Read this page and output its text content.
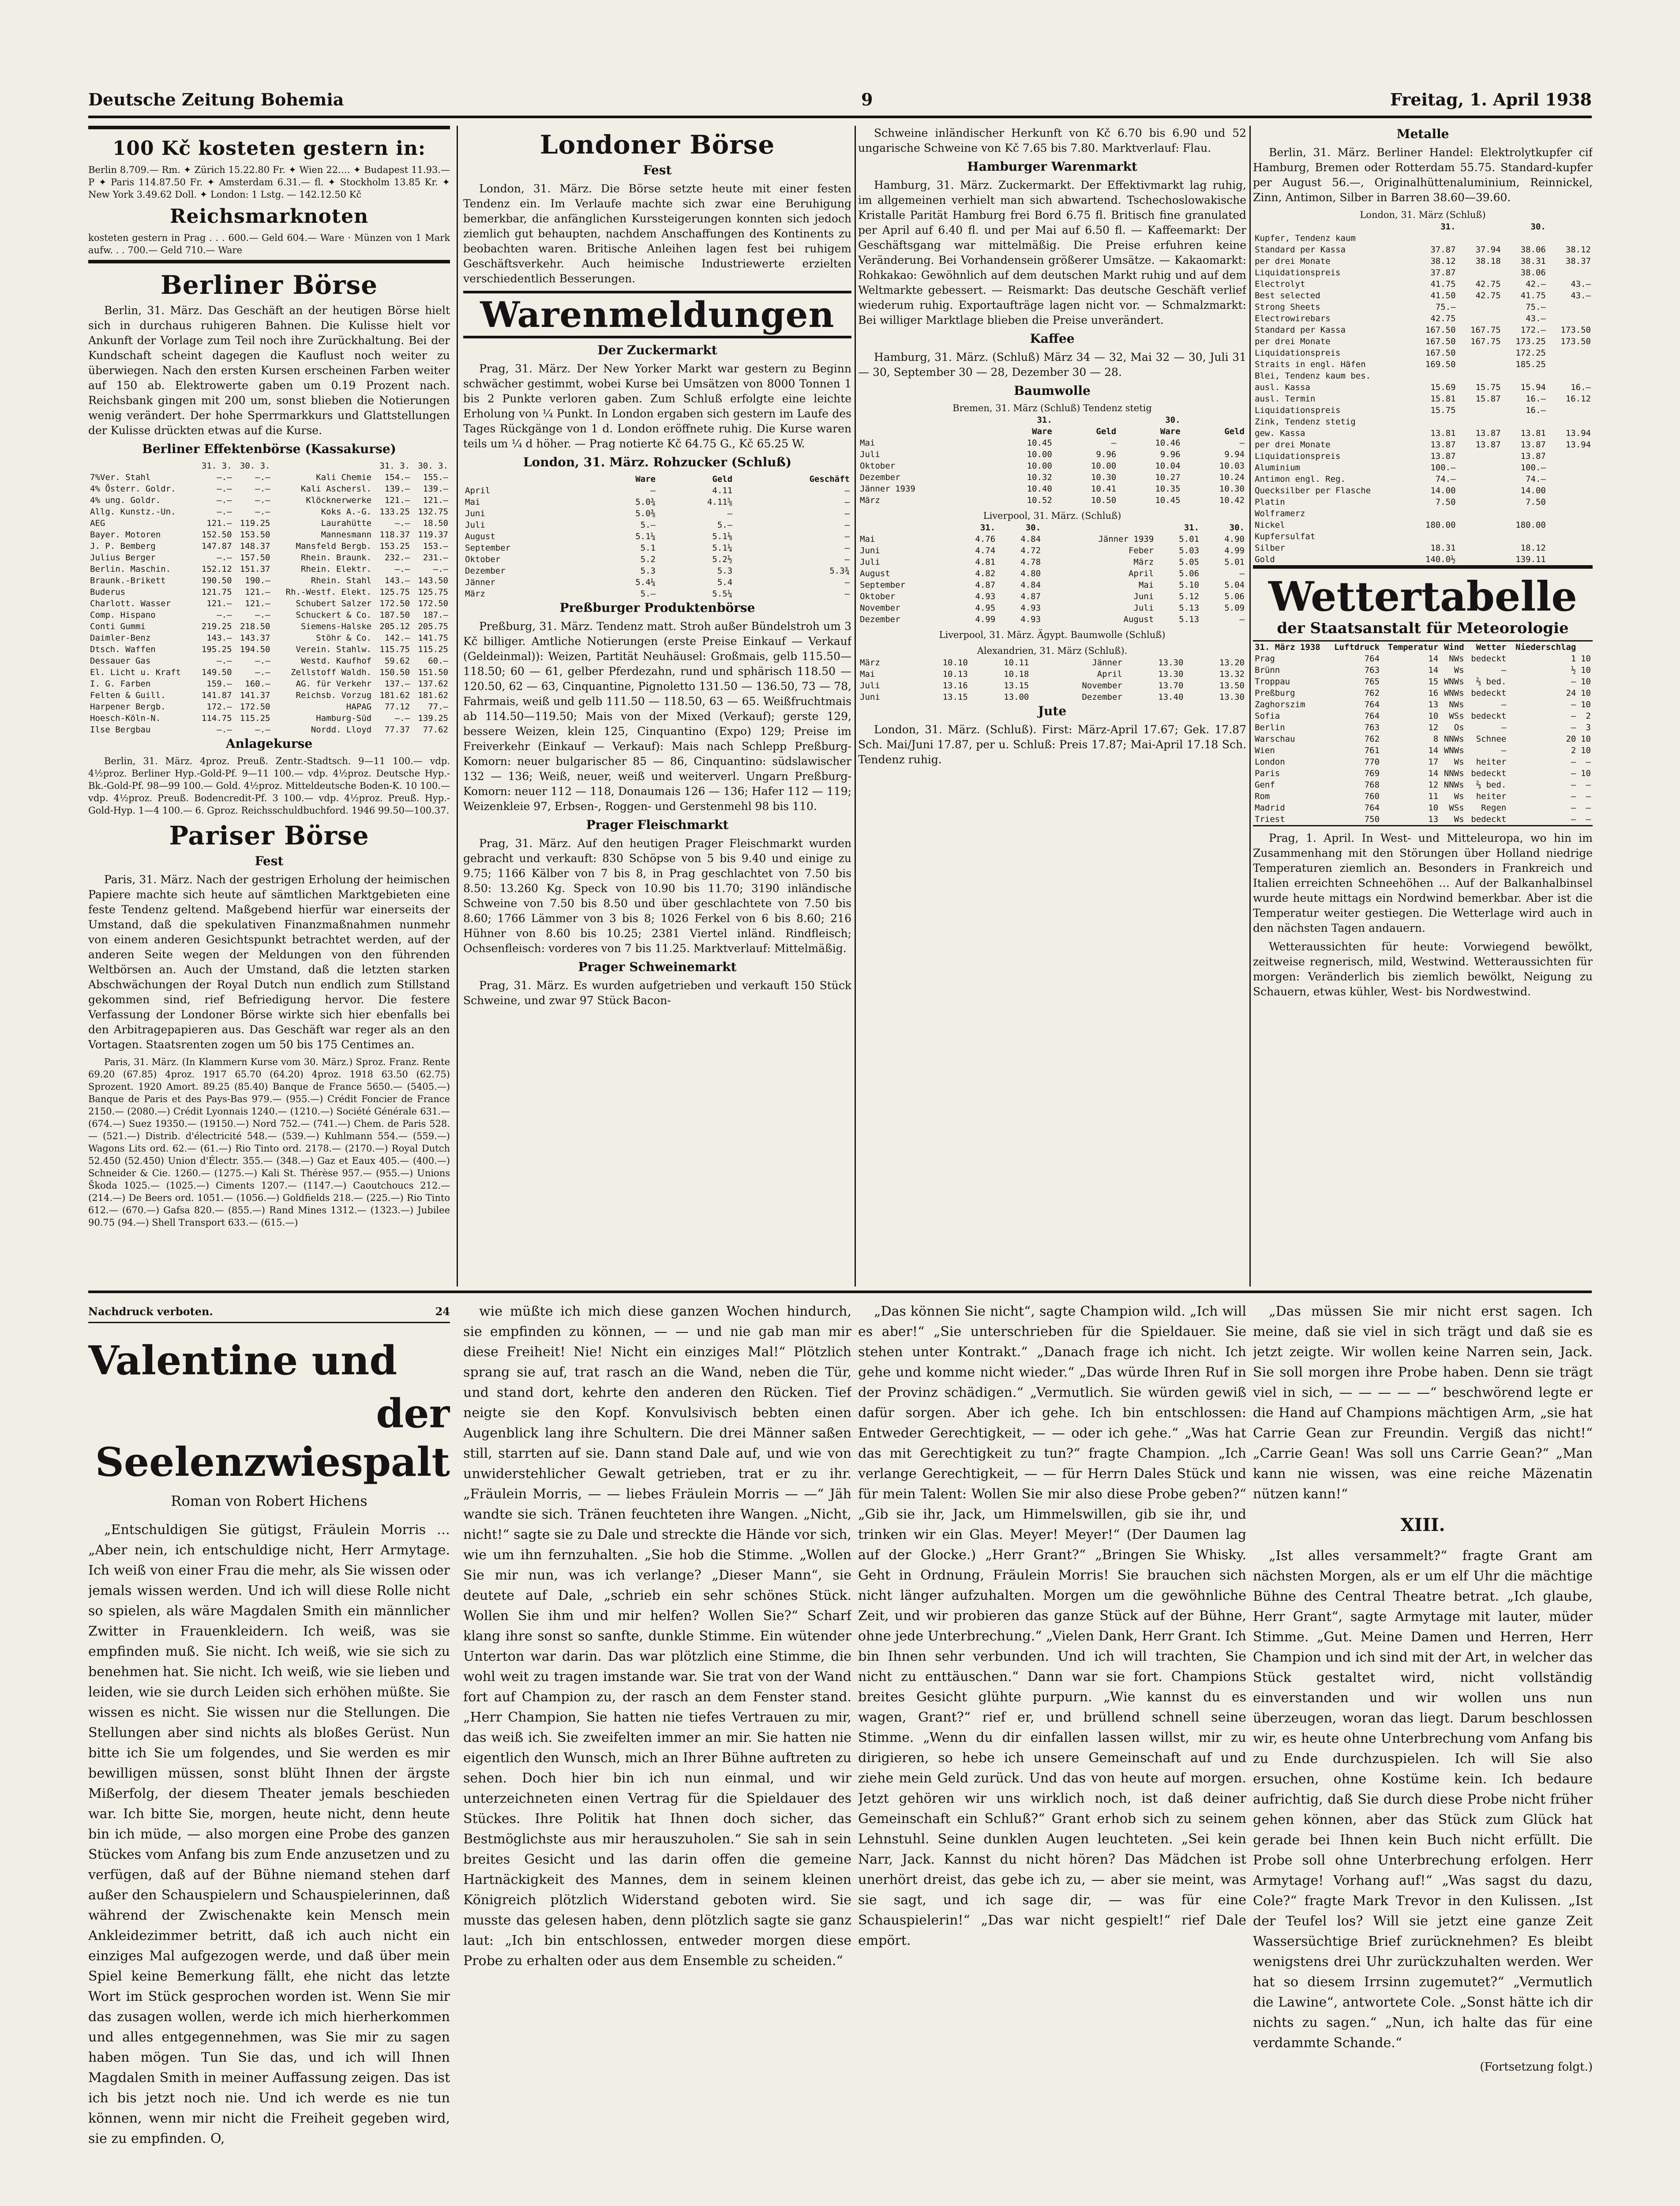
Deutsche Zeitung Bohemia	9	Freitag, 1. April 1938
100 Kč kosteten gestern in:
Berlin 8.709.— Rm. ✦ Zürich 15.22.80 Fr. ✦ Wien 22.… ✦ Budapest 11.93.— P ✦ Paris 114.87.50 Fr. ✦ Amsterdam 6.31.— fl. ✦ Stockholm 13.85 Kr. ✦ New York 3.49.62 Doll. ✦ London: 1 Lstg. — 142.12.50 Kč
Reichsmarknoten
kosteten gestern in Prag . . . 600.— Geld 604.— Ware · Münzen von 1 Mark aufw. . . 700.— Geld 710.— Ware
Berliner Börse

Berlin, 31. März. Das Geschäft an der heutigen Börse hielt sich in durchaus ruhigeren Bahnen. Die Kulisse hielt vor Ankunft der Vorlage zum Teil noch ihre Zurückhaltung. Bei der Kundschaft scheint dagegen die Kauflust noch weiter zu überwiegen. Nach den ersten Kursen erscheinen Farben weiter auf 150 ab. Elektrowerte gaben um 0.19 Prozent nach. Reichsbank gingen mit 200 um, sonst blieben die Notierungen wenig verändert. Der hohe Sperrmarkkurs und Glattstellungen der Kulisse drückten etwas auf die Kurse.

Berliner Effektenbörse (Kassakurse)
	31. 3.	30. 3.		31. 3.	30. 3.
7%Ver. Stahl	—.—	—.—	Kali Chemie	154.—	155.—
4% Österr. Goldr.	—.—	—.—	Kali Aschersl.	139.—	139.—
4% ung. Goldr.	—.—	—.—	Klöcknerwerke	121.—	121.—
Allg. Kunstz.-Un.	—.—	—.—	Koks A.-G.	133.25	132.75
AEG	121.—	119.25	Laurahütte	—.—	18.50
Bayer. Motoren	152.50	153.50	Mannesmann	118.37	119.37
J. P. Bemberg	147.87	148.37	Mansfeld Bergb.	153.25	153.—
Julius Berger	—.—	157.50	Rhein. Braunk.	232.—	231.—
Berlin. Maschin.	152.12	151.37	Rhein. Elektr.	—.—	—.—
Braunk.-Brikett	190.50	190.—	Rhein. Stahl	143.—	143.50
Buderus	121.75	121.—	Rh.-Westf. Elekt.	125.75	125.75
Charlott. Wasser	121.—	121.—	Schubert Salzer	172.50	172.50
Comp. Hispano	—.—	—.—	Schuckert & Co.	187.50	187.—
Conti Gummi	219.25	218.50	Siemens-Halske	205.12	205.75
Daimler-Benz	143.—	143.37	Stöhr & Co.	142.—	141.75
Dtsch. Waffen	195.25	194.50	Verein. Stahlw.	115.75	115.25
Dessauer Gas	—.—	—.—	Westd. Kaufhof	59.62	60.—
El. Licht u. Kraft	149.50	—.—	Zellstoff Waldh.	150.50	151.50
I. G. Farben	159.—	160.—	AG. für Verkehr	137.—	137.62
Felten & Guill.	141.87	141.37	Reichsb. Vorzug	181.62	181.62
Harpener Bergb.	172.—	172.50	HAPAG	77.12	77.—
Hoesch-Köln-N.	114.75	115.25	Hamburg-Süd	—.—	139.25
Ilse Bergbau	—.—	—.—	Nordd. Lloyd	77.37	77.62
Anlagekurse

Berlin, 31. März. 4proz. Preuß. Zentr.-Stadtsch. 9—11 100.— vdp. 4½proz. Berliner Hyp.-Gold-Pf. 9—11 100.— vdp. 4½proz. Deutsche Hyp.-Bk.-Gold-Pf. 98—99 100.— Gold. 4½proz. Mitteldeutsche Boden-K. 10 100.— vdp. 4½proz. Preuß. Bodencredit-Pf. 3 100.— vdp. 4½proz. Preuß. Hyp.-Gold-Hyp. 1—4 100.— 6. Gproz. Reichsschuldbuchford. 1946 99.50—100.37.

Pariser Börse
Fest

Paris, 31. März. Nach der gestrigen Erholung der heimischen Papiere machte sich heute auf sämtlichen Marktgebieten eine feste Tendenz geltend. Maßgebend hierfür war einerseits der Umstand, daß die spekulativen Finanzmaßnahmen nunmehr von einem anderen Gesichtspunkt betrachtet werden, auf der anderen Seite wegen der Meldungen von den führenden Weltbörsen an. Auch der Umstand, daß die letzten starken Abschwächungen der Royal Dutch nun endlich zum Stillstand gekommen sind, rief Befriedigung hervor. Die festere Verfassung der Londoner Börse wirkte sich hier ebenfalls bei den Arbitragepapieren aus. Das Geschäft war reger als an den Vortagen. Staatsrenten zogen um 50 bis 175 Centimes an.

Paris, 31. März. (In Klammern Kurse vom 30. März.) Sproz. Franz. Rente 69.20 (67.85) 4proz. 1917 65.70 (64.20) 4proz. 1918 63.50 (62.75) Sprozent. 1920 Amort. 89.25 (85.40) Banque de France 5650.— (5405.—) Banque de Paris et des Pays-Bas 979.— (955.—) Crédit Foncier de France 2150.— (2080.—) Crédit Lyonnais 1240.— (1210.—) Société Générale 631.— (674.—) Suez 19350.— (19150.—) Nord 752.— (741.—) Chem. de Paris 528.— (521.—) Distrib. d'électricité 548.— (539.—) Kuhlmann 554.— (559.—) Wagons Lits ord. 62.— (61.—) Rio Tinto ord. 2178.— (2170.—) Royal Dutch 52.450 (52.450) Union d'Électr. 355.— (348.—) Gaz et Eaux 405.— (400.—) Schneider & Cie. 1260.— (1275.—) Kali St. Thérèse 957.— (955.—) Unions Škoda 1025.— (1025.—) Ciments 1207.— (1147.—) Caoutchoucs 212.— (214.—) De Beers ord. 1051.— (1056.—) Goldfields 218.— (225.—) Rio Tinto 612.— (670.—) Gafsa 820.— (855.—) Rand Mines 1312.— (1323.—) Jubilee 90.75 (94.—) Shell Transport 633.— (615.—)

Londoner Börse
Fest

London, 31. März. Die Börse setzte heute mit einer festen Tendenz ein. Im Verlaufe machte sich zwar eine Beruhigung bemerkbar, die anfänglichen Kurssteigerungen konnten sich jedoch ziemlich gut behaupten, nachdem Anschaffungen des Kontinents zu beobachten waren. Britische Anleihen lagen fest bei ruhigem Geschäftsverkehr. Auch heimische Industriewerte erzielten verschiedentlich Besserungen.

Warenmeldungen
Der Zuckermarkt

Prag, 31. März. Der New Yorker Markt war gestern zu Beginn schwächer gestimmt, wobei Kurse bei Umsätzen von 8000 Tonnen 1 bis 2 Punkte verloren gaben. Zum Schluß erfolgte eine leichte Erholung von ¼ Punkt. In London ergaben sich gestern im Laufe des Tages Rückgänge von 1 d. London eröffnete ruhig. Die Kurse waren teils um ¼ d höher. — Prag notierte Kč 64.75 G., Kč 65.25 W.

London, 31. März. Rohzucker (Schluß)
	Ware	Geld	Geschäft
April	—	4.11	—
Mai	5.0¾	4.11⅝	—
Juni	5.0⅜	—	—
Juli	5.—	5.—	—
August	5.1¼	5.1⅛	—
September	5.1	5.1¼	—
Oktober	5.2	5.2½	—
Dezember	5.3	5.3	5.3¾
Jänner	5.4¼	5.4	—
März	5.—	5.5¼	—
Preßburger Produktenbörse

Preßburg, 31. März. Tendenz matt. Stroh außer Bündelstroh um 3 Kč billiger. Amtliche Notierungen (erste Preise Einkauf — Verkauf (Geldeinmal)): Weizen, Partität Neuhäusel: Großmais, gelb 115.50—118.50; 60 — 61, gelber Pferdezahn, rund und sphärisch 118.50 — 120.50, 62 — 63, Cinquantine, Pignoletto 131.50 — 136.50, 73 — 78, Fahrmais, weiß und gelb 111.50 — 118.50, 63 — 65. Weißfruchtmais ab 114.50—119.50; Mais von der Mixed (Verkauf); gerste 129, bessere Weizen, klein 125, Cinquantino (Expo) 129; Preise im Freiverkehr (Einkauf — Verkauf): Mais nach Schlepp Preßburg-Komorn: neuer bulgarischer 85 — 86, Cinquantino: südslawischer 132 — 136; Weiß, neuer, weiß und weiterverl. Ungarn Preßburg-Komorn: neuer 112 — 118, Donaumais 126 — 136; Hafer 112 — 119; Weizenkleie 97, Erbsen-, Roggen- und Gerstenmehl 98 bis 110.

Prager Fleischmarkt

Prag, 31. März. Auf den heutigen Prager Fleischmarkt wurden gebracht und verkauft: 830 Schöpse von 5 bis 9.40 und einige zu 9.75; 1166 Kälber von 7 bis 8, in Prag geschlachtet von 7.50 bis 8.50: 13.260 Kg. Speck von 10.90 bis 11.70; 3190 inländische Schweine von 7.50 bis 8.50 und über geschlachtete von 7.50 bis 8.60; 1766 Lämmer von 3 bis 8; 1026 Ferkel von 6 bis 8.60; 216 Hühner von 8.60 bis 10.25; 2381 Viertel inländ. Rindfleisch; Ochsenfleisch: vorderes von 7 bis 11.25. Marktverlauf: Mittelmäßig.

Prager Schweinemarkt

Prag, 31. März. Es wurden aufgetrieben und verkauft 150 Stück Schweine, und zwar 97 Stück Bacon-

Schweine inländischer Herkunft von Kč 6.70 bis 6.90 und 52 ungarische Schweine von Kč 7.65 bis 7.80. Marktverlauf: Flau.

Hamburger Warenmarkt

Hamburg, 31. März. Zuckermarkt. Der Effektivmarkt lag ruhig, im allgemeinen verhielt man sich abwartend. Tschechoslowakische Kristalle Parität Hamburg frei Bord 6.75 fl. Britisch fine granulated per April auf 6.40 fl. und per Mai auf 6.50 fl. — Kaffeemarkt: Der Geschäftsgang war mittelmäßig. Die Preise erfuhren keine Veränderung. Bei Vorhandensein größerer Umsätze. — Kakaomarkt: Rohkakao: Gewöhnlich auf dem deutschen Markt ruhig und auf dem Weltmarkte gebessert. — Reismarkt: Das deutsche Geschäft verlief wiederum ruhig. Exportaufträge lagen nicht vor. — Schmalzmarkt: Bei williger Marktlage blieben die Preise unverändert.

Kaffee

Hamburg, 31. März. (Schluß) März 34 — 32, Mai 32 — 30, Juli 31 — 30, September 30 — 28, Dezember 30 — 28.

Baumwolle
Bremen, 31. März (Schluß) Tendenz stetig
	31.		30.	
	Ware	Geld	Ware	Geld
Mai	10.45	—	10.46	—
Juli	10.00	9.96	9.96	9.94
Oktober	10.00	10.00	10.04	10.03
Dezember	10.32	10.30	10.27	10.24
Jänner 1939	10.40	10.41	10.35	10.30
März	10.52	10.50	10.45	10.42
Liverpool, 31. März. (Schluß)
	31.	30.		31.	30.
Mai	4.76	4.84	Jänner 1939	5.01	4.90
Juni	4.74	4.72	Feber	5.03	4.99
Juli	4.81	4.78	März	5.05	5.01
August	4.82	4.80	April	5.06	—
September	4.87	4.84	Mai	5.10	5.04
Oktober	4.93	4.87	Juni	5.12	5.06
November	4.95	4.93	Juli	5.13	5.09
Dezember	4.99	4.93	August	5.13	—
Liverpool, 31. März. Ägypt. Baumwolle (Schluß)
Alexandrien, 31. März (Schluß).
März	10.10	10.11	Jänner	13.30	13.20
Mai	10.13	10.18	April	13.30	13.32
Juli	13.16	13.15	November	13.70	13.50
Juni	13.15	13.00	Dezember	13.40	13.30
Jute

London, 31. März. (Schluß). First: März-April 17.67; Gek. 17.87 Sch. Mai/Juni 17.87, per u. Schluß: Preis 17.87; Mai-April 17.18 Sch. Tendenz ruhig.

Metalle

Berlin, 31. März. Berliner Handel: Elektrolytkupfer cif Hamburg, Bremen oder Rotterdam 55.75. Standard-kupfer per August 56.—, Originalhüttenaluminium, Reinnickel, Zinn, Antimon, Silber in Barren 38.60—39.60.

London, 31. März (Schluß)
	31.		30.	
Kupfer, Tendenz kaum				
Standard per Kassa	37.87	37.94	38.06	38.12
per drei Monate	38.12	38.18	38.31	38.37
Liquidationspreis	37.87		38.06	
Electrolyt	41.75	42.75	42.—	43.—
Best selected	41.50	42.75	41.75	43.—
Strong Sheets	75.—		75.—	
Electrowirebars	42.75		43.—	
Standard per Kassa	167.50	167.75	172.—	173.50
per drei Monate	167.50	167.75	173.25	173.50
Liquidationspreis	167.50		172.25	
Straits in engl. Häfen	169.50		185.25	
Blei, Tendenz kaum bes.				
ausl. Kassa	15.69	15.75	15.94	16.—
ausl. Termin	15.81	15.87	16.—	16.12
Liquidationspreis	15.75		16.—	
Zink, Tendenz stetig				
gew. Kassa	13.81	13.87	13.81	13.94
per drei Monate	13.87	13.87	13.87	13.94
Liquidationspreis	13.87		13.87	
Aluminium	100.—		100.—	
Antimon engl. Reg.	74.—		74.—	
Quecksilber per Flasche	14.00		14.00	
Platin	7.50		7.50	
Wolframerz				
Nickel	180.00		180.00	
Kupfersulfat				
Silber	18.31		18.12	
Gold	140.0½		139.11	
Wettertabelle
der Staatsanstalt für Meteorologie
31. März 1938	Luftdruck	Temperatur	Wind	Wetter	Niederschlag	
Prag	764	14	NWs	bedeckt	1	10
Brünn	763	14	Ws	—	½	10
Troppau	765	15	WNWs	⅔ bed.	—	10
Preßburg	762	16	WNWs	bedeckt	24	10
Zaghorszim	764	13	NWs	—	—	10
Sofia	764	10	WSs	bedeckt	—	2
Berlin	763	12	Os	—	—	3
Warschau	762	8	NNWs	Schnee	20	10
Wien	761	14	WNWs	—	2	10
London	770	17	Ws	heiter	—	—
Paris	769	14	NNWs	bedeckt	—	10
Genf	768	12	NNWs	⅔ bed.	—	—
Rom	760	11	Ws	heiter	—	—
Madrid	764	10	WSs	Regen	—	—
Triest	750	13	Ws	bedeckt	—	—

Prag, 1. April. In West- und Mitteleuropa, wo hin im Zusammenhang mit den Störungen über Holland niedrige Temperaturen ziemlich an. Besonders in Frankreich und Italien erreichten Schneehöhen … Auf der Balkanhalbinsel wurde heute mittags ein Nordwind bemerkbar. Aber ist die Temperatur weiter gestiegen. Die Wetterlage wird auch in den nächsten Tagen andauern.

Wetteraussichten für heute: Vorwiegend bewölkt, zeitweise regnerisch, mild, Westwind. Wetteraussichten für morgen: Veränderlich bis ziemlich bewölkt, Neigung zu Schauern, etwas kühler, West- bis Nordwestwind.

Nachdruck verboten.	24
Valentine und
der Seelenzwiespalt
Roman von Robert Hichens

„Entschuldigen Sie gütigst, Fräulein Morris … „Aber nein, ich entschuldige nicht, Herr Armytage. Ich weiß von einer Frau die mehr, als Sie wissen oder jemals wissen werden. Und ich will diese Rolle nicht so spielen, als wäre Magdalen Smith ein männlicher Zwitter in Frauenkleidern. Ich weiß, was sie empfinden muß. Sie nicht. Ich weiß, wie sie sich zu benehmen hat. Sie nicht. Ich weiß, wie sie lieben und leiden, wie sie durch Leiden sich erhöhen müßte. Sie wissen es nicht. Sie wissen nur die Stellungen. Die Stellungen aber sind nichts als bloßes Gerüst. Nun bitte ich Sie um folgendes, und Sie werden es mir bewilligen müssen, sonst blüht Ihnen der ärgste Mißerfolg, der diesem Theater jemals beschieden war. Ich bitte Sie, morgen, heute nicht, denn heute bin ich müde, — also morgen eine Probe des ganzen Stückes vom Anfang bis zum Ende anzusetzen und zu verfügen, daß auf der Bühne niemand stehen darf außer den Schauspielern und Schauspielerinnen, daß während der Zwischenakte kein Mensch mein Ankleidezimmer betritt, daß ich auch nicht ein einziges Mal aufgezogen werde, und daß über mein Spiel keine Bemerkung fällt, ehe nicht das letzte Wort im Stück gesprochen worden ist. Wenn Sie mir das zusagen wollen, werde ich mich hierherkommen und alles entgegennehmen, was Sie mir zu sagen haben mögen. Tun Sie das, und ich will Ihnen Magdalen Smith in meiner Auffassung zeigen. Das ist ich bis jetzt noch nie. Und ich werde es nie tun können, wenn mir nicht die Freiheit gegeben wird, sie zu empfinden. O,

wie müßte ich mich diese ganzen Wochen hindurch, sie empfinden zu können, — — und nie gab man mir diese Freiheit! Nie! Nicht ein einziges Mal!“ Plötzlich sprang sie auf, trat rasch an die Wand, neben die Tür, und stand dort, kehrte den anderen den Rücken. Tief neigte sie den Kopf. Konvulsivisch bebten einen Augenblick lang ihre Schultern. Die drei Männer saßen still, starrten auf sie. Dann stand Dale auf, und wie von unwiderstehlicher Gewalt getrieben, trat er zu ihr. „Fräulein Morris, — — liebes Fräulein Morris — —“ Jäh wandte sie sich. Tränen feuchteten ihre Wangen. „Nicht, nicht!“ sagte sie zu Dale und streckte die Hände vor sich, wie um ihn fernzuhalten. „Sie hob die Stimme. „Wollen Sie mir nun, was ich verlange? „Dieser Mann“, sie deutete auf Dale, „schrieb ein sehr schönes Stück. Wollen Sie ihm und mir helfen? Wollen Sie?“ Scharf klang ihre sonst so sanfte, dunkle Stimme. Ein wütender Unterton war darin. Das war plötzlich eine Stimme, die wohl weit zu tragen imstande war. Sie trat von der Wand fort auf Champion zu, der rasch an dem Fenster stand. „Herr Champion, Sie hatten nie tiefes Vertrauen zu mir, das weiß ich. Sie zweifelten immer an mir. Sie hatten nie eigentlich den Wunsch, mich an Ihrer Bühne auftreten zu sehen. Doch hier bin ich nun einmal, und wir unterzeichneten einen Vertrag für die Spieldauer des Stückes. Ihre Politik hat Ihnen doch sicher, das Bestmöglichste aus mir herauszuholen.“ Sie sah in sein breites Gesicht und las darin offen die gemeine Hartnäckigkeit des Mannes, dem in seinem kleinen Königreich plötzlich Widerstand geboten wird. Sie musste das gelesen haben, denn plötzlich sagte sie ganz laut: „Ich bin entschlossen, entweder morgen diese Probe zu erhalten oder aus dem Ensemble zu scheiden.“

„Das können Sie nicht“, sagte Champion wild. „Ich will es aber!“ „Sie unterschrieben für die Spieldauer. Sie stehen unter Kontrakt.“ „Danach frage ich nicht. Ich gehe und komme nicht wieder.“ „Das würde Ihren Ruf in der Provinz schädigen.“ „Vermutlich. Sie würden gewiß dafür sorgen. Aber ich gehe. Ich bin entschlossen: Entweder Gerechtigkeit, — — oder ich gehe.“ „Was hat das mit Gerechtigkeit zu tun?“ fragte Champion. „Ich verlange Gerechtigkeit, — — für Herrn Dales Stück und für mein Talent: Wollen Sie mir also diese Probe geben?“ „Gib sie ihr, Jack, um Himmelswillen, gib sie ihr, und trinken wir ein Glas. Meyer! Meyer!“ (Der Daumen lag auf der Glocke.) „Herr Grant?“ „Bringen Sie Whisky. Geht in Ordnung, Fräulein Morris! Sie brauchen sich nicht länger aufzuhalten. Morgen um die gewöhnliche Zeit, und wir probieren das ganze Stück auf der Bühne, ohne jede Unterbrechung.“ „Vielen Dank, Herr Grant. Ich bin Ihnen sehr verbunden. Und ich will trachten, Sie nicht zu enttäuschen.“ Dann war sie fort. Champions breites Gesicht glühte purpurn. „Wie kannst du es wagen, Grant?“ rief er, und brüllend schnell seine Stimme. „Wenn du dir einfallen lassen willst, mir zu dirigieren, so hebe ich unsere Gemeinschaft auf und ziehe mein Geld zurück. Und das von heute auf morgen. Jetzt gehören wir uns wirklich noch, ist daß deiner Gemeinschaft ein Schluß?“ Grant erhob sich zu seinem Lehnstuhl. Seine dunklen Augen leuchteten. „Sei kein Narr, Jack. Kannst du nicht hören? Das Mädchen ist unerhört dreist, das gebe ich zu, — aber sie meint, was sie sagt, und ich sage dir, — was für eine Schauspielerin!“ „Das war nicht gespielt!“ rief Dale empört.

„Das müssen Sie mir nicht erst sagen. Ich meine, daß sie viel in sich trägt und daß sie es jetzt zeigte. Wir wollen keine Narren sein, Jack. Sie soll morgen ihre Probe haben. Denn sie trägt viel in sich, — — — — —“ beschwörend legte er die Hand auf Champions mächtigen Arm, „sie hat Carrie Gean zur Freundin. Vergiß das nicht!“ „Carrie Gean! Was soll uns Carrie Gean?“ „Man kann nie wissen, was eine reiche Mäzenatin nützen kann!“

XIII.

„Ist alles versammelt?“ fragte Grant am nächsten Morgen, als er um elf Uhr die mächtige Bühne des Central Theatre betrat. „Ich glaube, Herr Grant“, sagte Armytage mit lauter, müder Stimme. „Gut. Meine Damen und Herren, Herr Champion und ich sind mit der Art, in welcher das Stück gestaltet wird, nicht vollständig einverstanden und wir wollen uns nun überzeugen, woran das liegt. Darum beschlossen wir, es heute ohne Unterbrechung vom Anfang bis zu Ende durchzuspielen. Ich will Sie also ersuchen, ohne Kostüme kein. Ich bedaure aufrichtig, daß Sie durch diese Probe nicht früher gehen können, aber das Stück zum Glück hat gerade bei Ihnen kein Buch nicht erfüllt. Die Probe soll ohne Unterbrechung erfolgen. Herr Armytage! Vorhang auf!“ „Was sagst du dazu, Cole?“ fragte Mark Trevor in den Kulissen. „Ist der Teufel los? Will sie jetzt eine ganze Zeit Wassersüchtige Brief zurücknehmen? Es bleibt wenigstens drei Uhr zurückzuhalten werden. Wer hat so diesem Irrsinn zugemutet?“ „Vermutlich die Lawine“, antwortete Cole. „Sonst hätte ich dir nichts zu sagen.“ „Nun, ich halte das für eine verdammte Schande.“

(Fortsetzung folgt.)
